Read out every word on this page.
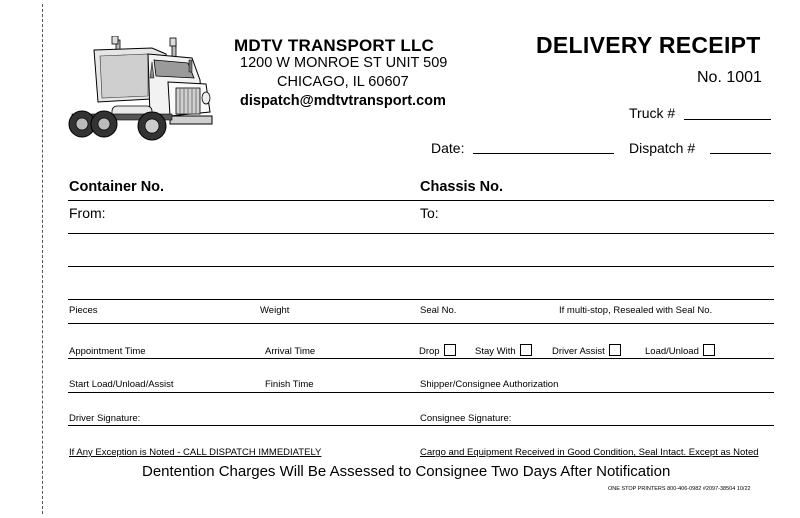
MDTV TRANSPORT LLC
1200 W MONROE ST UNIT 509
CHICAGO, IL 60607
dispatch@mdtvtransport.com
DELIVERY RECEIPT
No. 1001
Truck #
Date:	Dispatch #
Container No.	Chassis No.
From:	To:
Pieces	Weight	Seal No.	If multi-stop, Resealed with Seal No.
Appointment Time	Arrival Time	Drop	Stay With	Driver Assist	Load/Unload
Start Load/Unload/Assist	Finish Time	Shipper/Consignee Authorization
Driver Signature:	Consignee Signature:
If Any Exception is Noted - CALL DISPATCH IMMEDIATELY	Cargo and Equipment Received in Good Condition, Seal Intact. Except as Noted
Dentention Charges Will Be Assessed to Consignee Two Days After Notification
ONE STOP PRINTERS 800-406-0982 #2097-38504 10/22
